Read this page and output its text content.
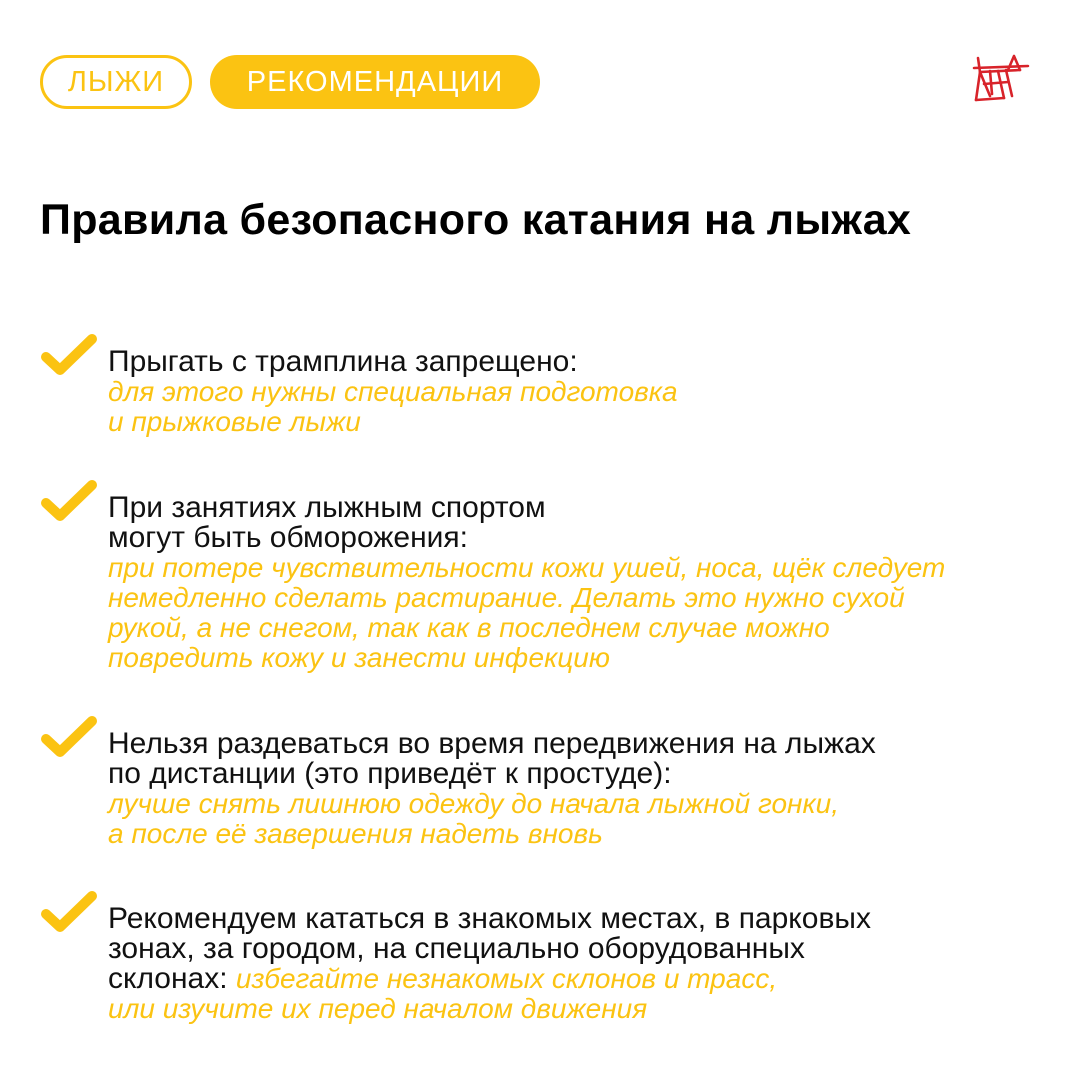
ЛЫЖИ	РЕКОМЕНДАЦИИ
Правила безопасного катания на лыжах
Прыгать с трамплина запрещено:
для этого нужны специальная подготовка
и прыжковые лыжи
При занятиях лыжным спортом
могут быть обморожения:
при потере чувствительности кожи ушей, носа, щёк следует
немедленно сделать растирание. Делать это нужно сухой
рукой, а не снегом, так как в последнем случае можно
повредить кожу и занести инфекцию
Нельзя раздеваться во время передвижения на лыжах
по дистанции (это приведёт к простуде):
лучше снять лишнюю одежду до начала лыжной гонки,
а после её завершения надеть вновь
Рекомендуем кататься в знакомых местах, в парковых
зонах, за городом, на специально оборудованных
склонах: избегайте незнакомых склонов и трасс,
или изучите их перед началом движения
